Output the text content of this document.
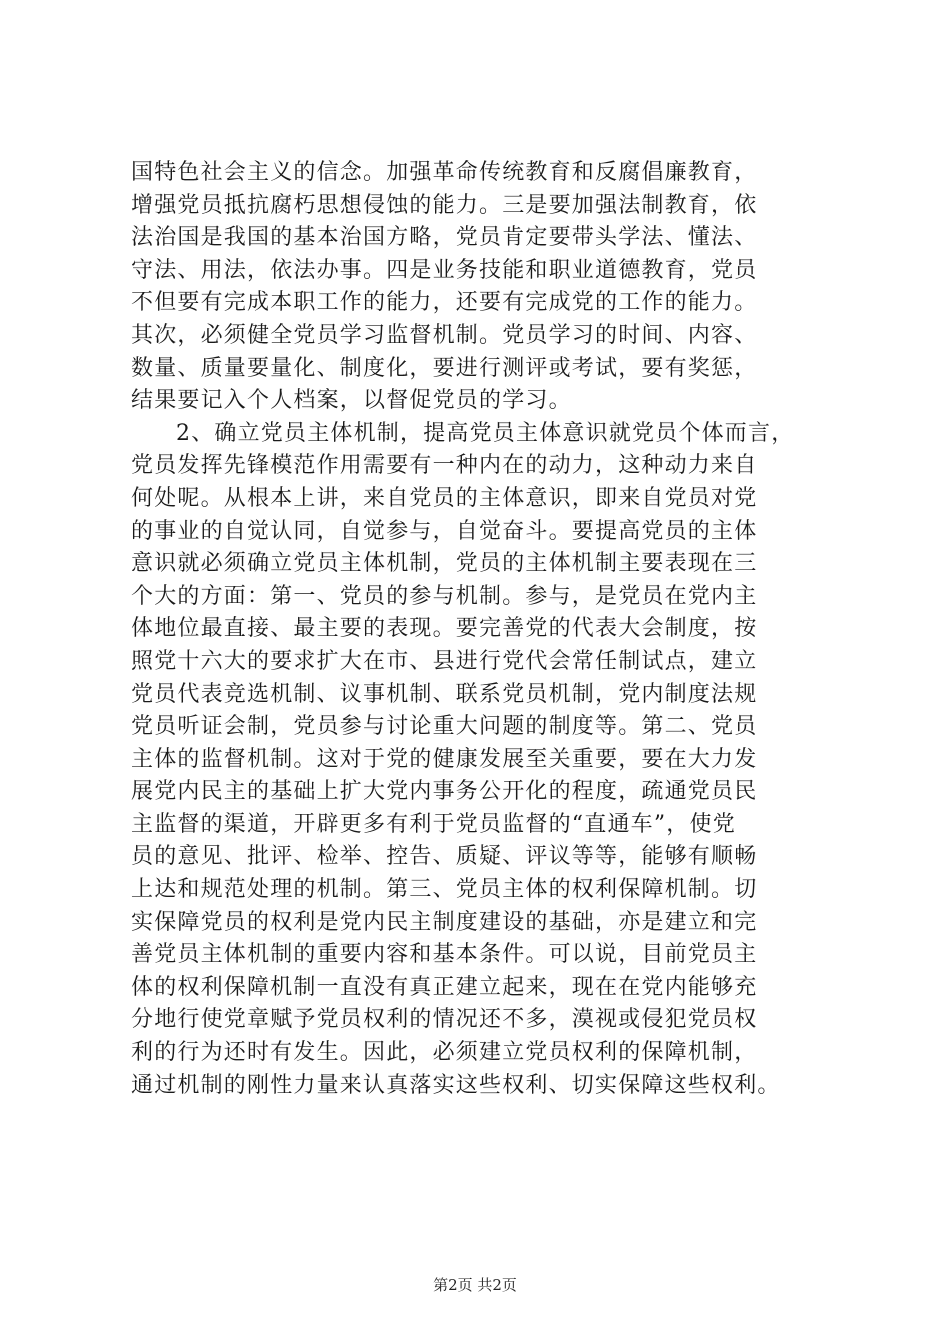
国特色社会主义的信念。加强革命传统教育和反腐倡廉教育，
增强党员抵抗腐朽思想侵蚀的能力。三是要加强法制教育，依
法治国是我国的基本治国方略，党员肯定要带头学法、懂法、
守法、用法，依法办事。四是业务技能和职业道德教育，党员
不但要有完成本职工作的能力，还要有完成党的工作的能力。
其次，必须健全党员学习监督机制。党员学习的时间、内容、
数量、质量要量化、制度化，要进行测评或考试，要有奖惩，
结果要记入个人档案，以督促党员的学习。
2、确立党员主体机制，提高党员主体意识就党员个体而言，
党员发挥先锋模范作用需要有一种内在的动力，这种动力来自
何处呢。从根本上讲，来自党员的主体意识，即来自党员对党
的事业的自觉认同，自觉参与，自觉奋斗。要提高党员的主体
意识就必须确立党员主体机制，党员的主体机制主要表现在三
个大的方面：第一、党员的参与机制。参与，是党员在党内主
体地位最直接、最主要的表现。要完善党的代表大会制度，按
照党十六大的要求扩大在市、县进行党代会常任制试点，建立
党员代表竞选机制、议事机制、联系党员机制，党内制度法规
党员听证会制，党员参与讨论重大问题的制度等。第二、党员
主体的监督机制。这对于党的健康发展至关重要，要在大力发
展党内民主的基础上扩大党内事务公开化的程度，疏通党员民
主监督的渠道，开辟更多有利于党员监督的“直通车”，使党
员的意见、批评、检举、控告、质疑、评议等等，能够有顺畅
上达和规范处理的机制。第三、党员主体的权利保障机制。切
实保障党员的权利是党内民主制度建设的基础，亦是建立和完
善党员主体机制的重要内容和基本条件。可以说，目前党员主
体的权利保障机制一直没有真正建立起来，现在在党内能够充
分地行使党章赋予党员权利的情况还不多，漠视或侵犯党员权
利的行为还时有发生。因此，必须建立党员权利的保障机制，
通过机制的刚性力量来认真落实这些权利、切实保障这些权利。
第2页 共2页
